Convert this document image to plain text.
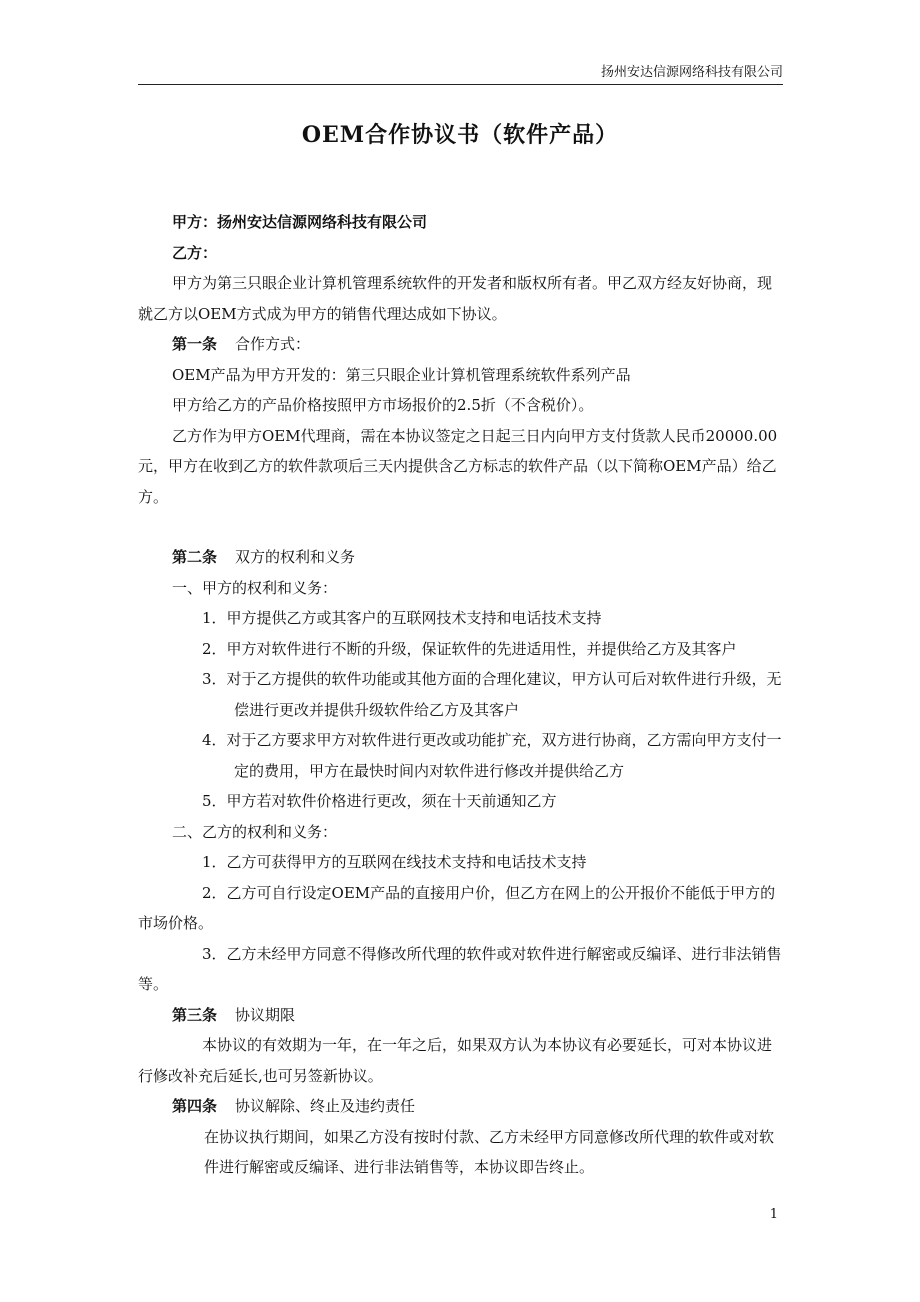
扬州安达信源网络科技有限公司
OEM合作协议书（软件产品）

甲方：扬州安达信源网络科技有限公司

乙方：

甲方为第三只眼企业计算机管理系统软件的开发者和版权所有者。甲乙双方经友好协商，现就乙方以OEM方式成为甲方的销售代理达成如下协议。

第一条 合作方式：

OEM产品为甲方开发的：第三只眼企业计算机管理系统软件系列产品

甲方给乙方的产品价格按照甲方市场报价的2.5折（不含税价）。

乙方作为甲方OEM代理商，需在本协议签定之日起三日内向甲方支付货款人民币20000.00元，甲方在收到乙方的软件款项后三天内提供含乙方标志的软件产品（以下简称OEM产品）给乙方。

第二条 双方的权利和义务

一、甲方的权利和义务：

1．甲方提供乙方或其客户的互联网技术支持和电话技术支持

2．甲方对软件进行不断的升级，保证软件的先进适用性，并提供给乙方及其客户

3．对于乙方提供的软件功能或其他方面的合理化建议，甲方认可后对软件进行升级，无偿进行更改并提供升级软件给乙方及其客户

4．对于乙方要求甲方对软件进行更改或功能扩充，双方进行协商，乙方需向甲方支付一定的费用，甲方在最快时间内对软件进行修改并提供给乙方

5．甲方若对软件价格进行更改，须在十天前通知乙方

二、乙方的权利和义务：

1．乙方可获得甲方的互联网在线技术支持和电话技术支持

2．乙方可自行设定OEM产品的直接用户价，但乙方在网上的公开报价不能低于甲方的市场价格。

3．乙方未经甲方同意不得修改所代理的软件或对软件进行解密或反编译、进行非法销售等。

第三条 协议期限

本协议的有效期为一年，在一年之后，如果双方认为本协议有必要延长，可对本协议进行修改补充后延长,也可另签新协议。

第四条 协议解除、终止及违约责任

在协议执行期间，如果乙方没有按时付款、乙方未经甲方同意修改所代理的软件或对软件进行解密或反编译、进行非法销售等，本协议即告终止。

1
